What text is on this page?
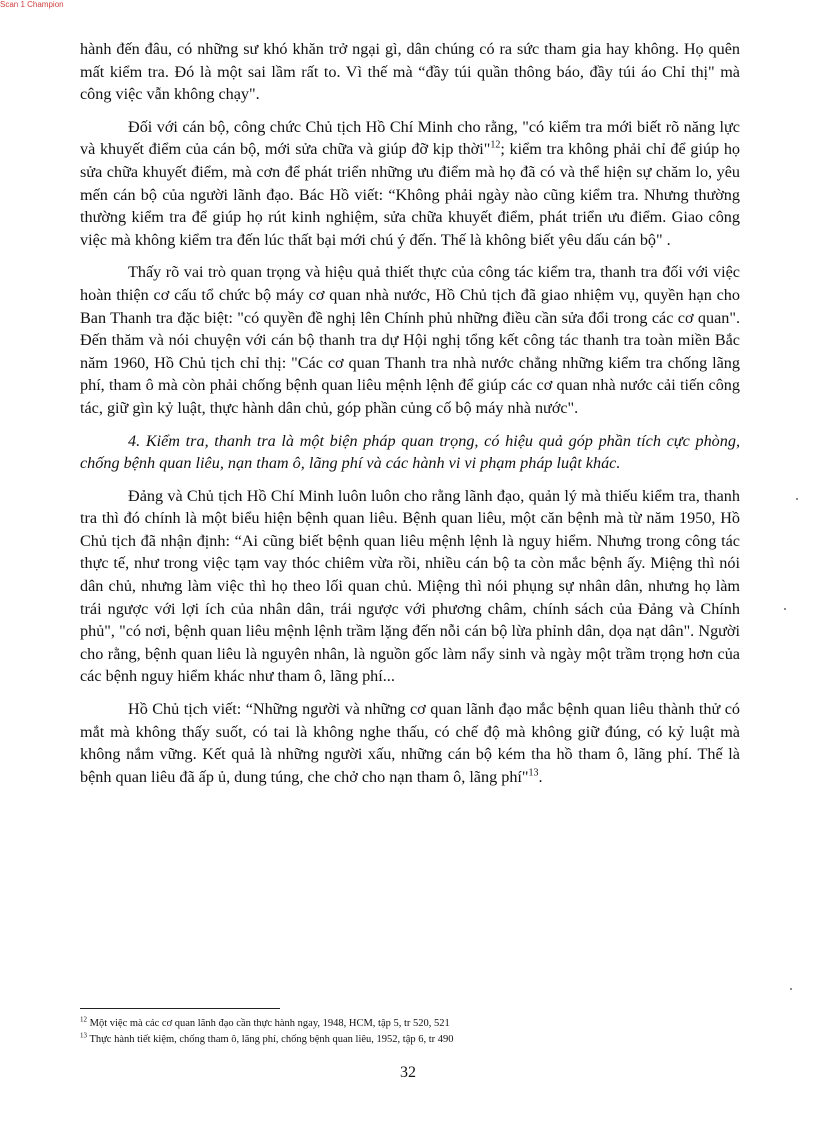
Scan 1 Champion

hành đến đâu, có những sư khó khăn trở ngại gì, dân chúng có ra sức tham gia hay không. Họ quên mất kiểm tra. Đó là một sai lầm rất to. Vì thế mà “đầy túi quần thông báo, đầy túi áo Chỉ thị" mà công việc vẫn không chạy".

Đối với cán bộ, công chức Chủ tịch Hồ Chí Minh cho rằng, "có kiểm tra mới biết rõ năng lực và khuyết điểm của cán bộ, mới sửa chữa và giúp đỡ kịp thời"$^{12}$; kiểm tra không phải chỉ để giúp họ sửa chữa khuyết điểm, mà cơn để phát triển những ưu điểm mà họ đã có và thể hiện sự chăm lo, yêu mến cán bộ của người lãnh đạo. Bác Hồ viết: “Không phải ngày nào cũng kiểm tra. Nhưng thường thường kiểm tra để giúp họ rút kinh nghiệm, sửa chữa khuyết điểm, phát triển ưu điểm. Giao công việc mà không kiểm tra đến lúc thất bại mới chú ý đến. Thế là không biết yêu dấu cán bộ" .

Thấy rõ vai trò quan trọng và hiệu quả thiết thực của công tác kiểm tra, thanh tra đối với việc hoàn thiện cơ cấu tổ chức bộ máy cơ quan nhà nước, Hồ Chủ tịch đã giao nhiệm vụ, quyền hạn cho Ban Thanh tra đặc biệt: "có quyền đề nghị lên Chính phủ những điều cần sửa đổi trong các cơ quan". Đến thăm và nói chuyện với cán bộ thanh tra dự Hội nghị tổng kết công tác thanh tra toàn miền Bắc năm 1960, Hồ Chủ tịch chỉ thị: "Các cơ quan Thanh tra nhà nước chẳng những kiểm tra chống lãng phí, tham ô mà còn phải chống bệnh quan liêu mệnh lệnh để giúp các cơ quan nhà nước cải tiến công tác, giữ gìn kỷ luật, thực hành dân chủ, góp phần củng cố bộ máy nhà nước".

4. Kiểm tra, thanh tra là một biện pháp quan trọng, có hiệu quả góp phần tích cực phòng, chống bệnh quan liêu, nạn tham ô, lãng phí và các hành vi vi phạm pháp luật khác.

Đảng và Chủ tịch Hồ Chí Minh luôn luôn cho rằng lãnh đạo, quản lý mà thiếu kiểm tra, thanh tra thì đó chính là một biểu hiện bệnh quan liêu. Bệnh quan liêu, một căn bệnh mà từ năm 1950, Hồ Chủ tịch đã nhận định: “Ai cũng biết bệnh quan liêu mệnh lệnh là nguy hiểm. Nhưng trong công tác thực tế, như trong việc tạm vay thóc chiêm vừa rồi, nhiều cán bộ ta còn mắc bệnh ấy. Miệng thì nói dân chủ, nhưng làm việc thì họ theo lối quan chủ. Miệng thì nói phụng sự nhân dân, nhưng họ làm trái ngược với lợi ích của nhân dân, trái ngược với phương châm, chính sách của Đảng và Chính phủ", "có nơi, bệnh quan liêu mệnh lệnh trầm lặng đến nỗi cán bộ lừa phỉnh dân, dọa nạt dân". Người cho rằng, bệnh quan liêu là nguyên nhân, là nguồn gốc làm nẩy sinh và ngày một trầm trọng hơn của các bệnh nguy hiểm khác như tham ô, lãng phí...

Hồ Chủ tịch viết: “Những người và những cơ quan lãnh đạo mắc bệnh quan liêu thành thử có mắt mà không thấy suốt, có tai là không nghe thấu, có chế độ mà không giữ đúng, có kỷ luật mà không nắm vững. Kết quả là những người xấu, những cán bộ kém tha hồ tham ô, lãng phí. Thế là bệnh quan liêu đã ấp ủ, dung túng, che chở cho nạn tham ô, lãng phí"$^{13}$.

$^{12}$ Một việc mà các cơ quan lãnh đạo cần thực hành ngay, 1948, HCM, tập 5, tr 520, 521
$^{13}$ Thực hành tiết kiệm, chống tham ô, lãng phí, chống bệnh quan liêu, 1952, tập 6, tr 490
32
